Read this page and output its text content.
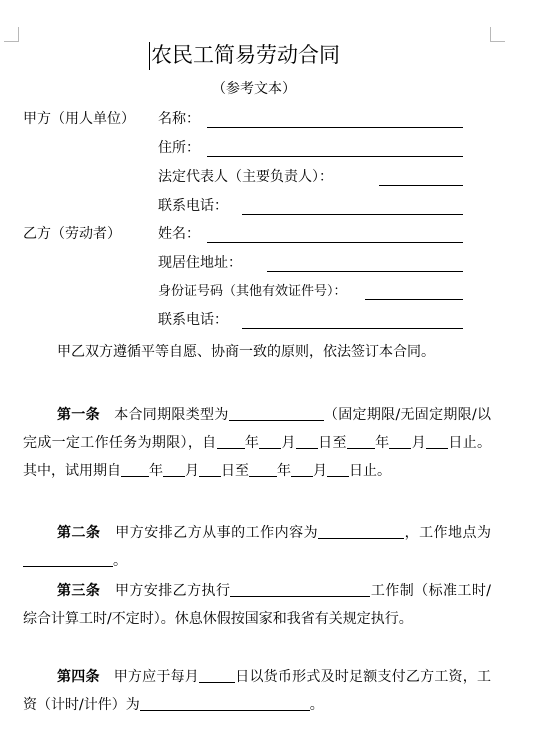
农民工简易劳动合同
（参考文本）
甲方（用人单位） 名称：
住所：
法定代表人（主要负责人）：
联系电话：
乙方（劳动者）	姓名：
现居住地址：
身份证号码（其他有效证件号）：
联系电话：
甲乙双方遵循平等自愿、协商一致的原则，依法签订本合同。
第一条 本合同期限类型为	（固定期限/无固定期限/以完成一定工作任务为期限），自 年 月 日至 年 月 日止。其中，试用期自 年 月 日至 年 月 日止。
第二条 甲方安排乙方从事的工作内容为	，工作地点为。
第三条 甲方安排乙方执行	工作制（标准工时/综合计算工时/不定时）。休息休假按国家和我省有关规定执行。
第四条 甲方应于每月	日以货币形式及时足额支付乙方工资，工资（计时/计件）为	。
